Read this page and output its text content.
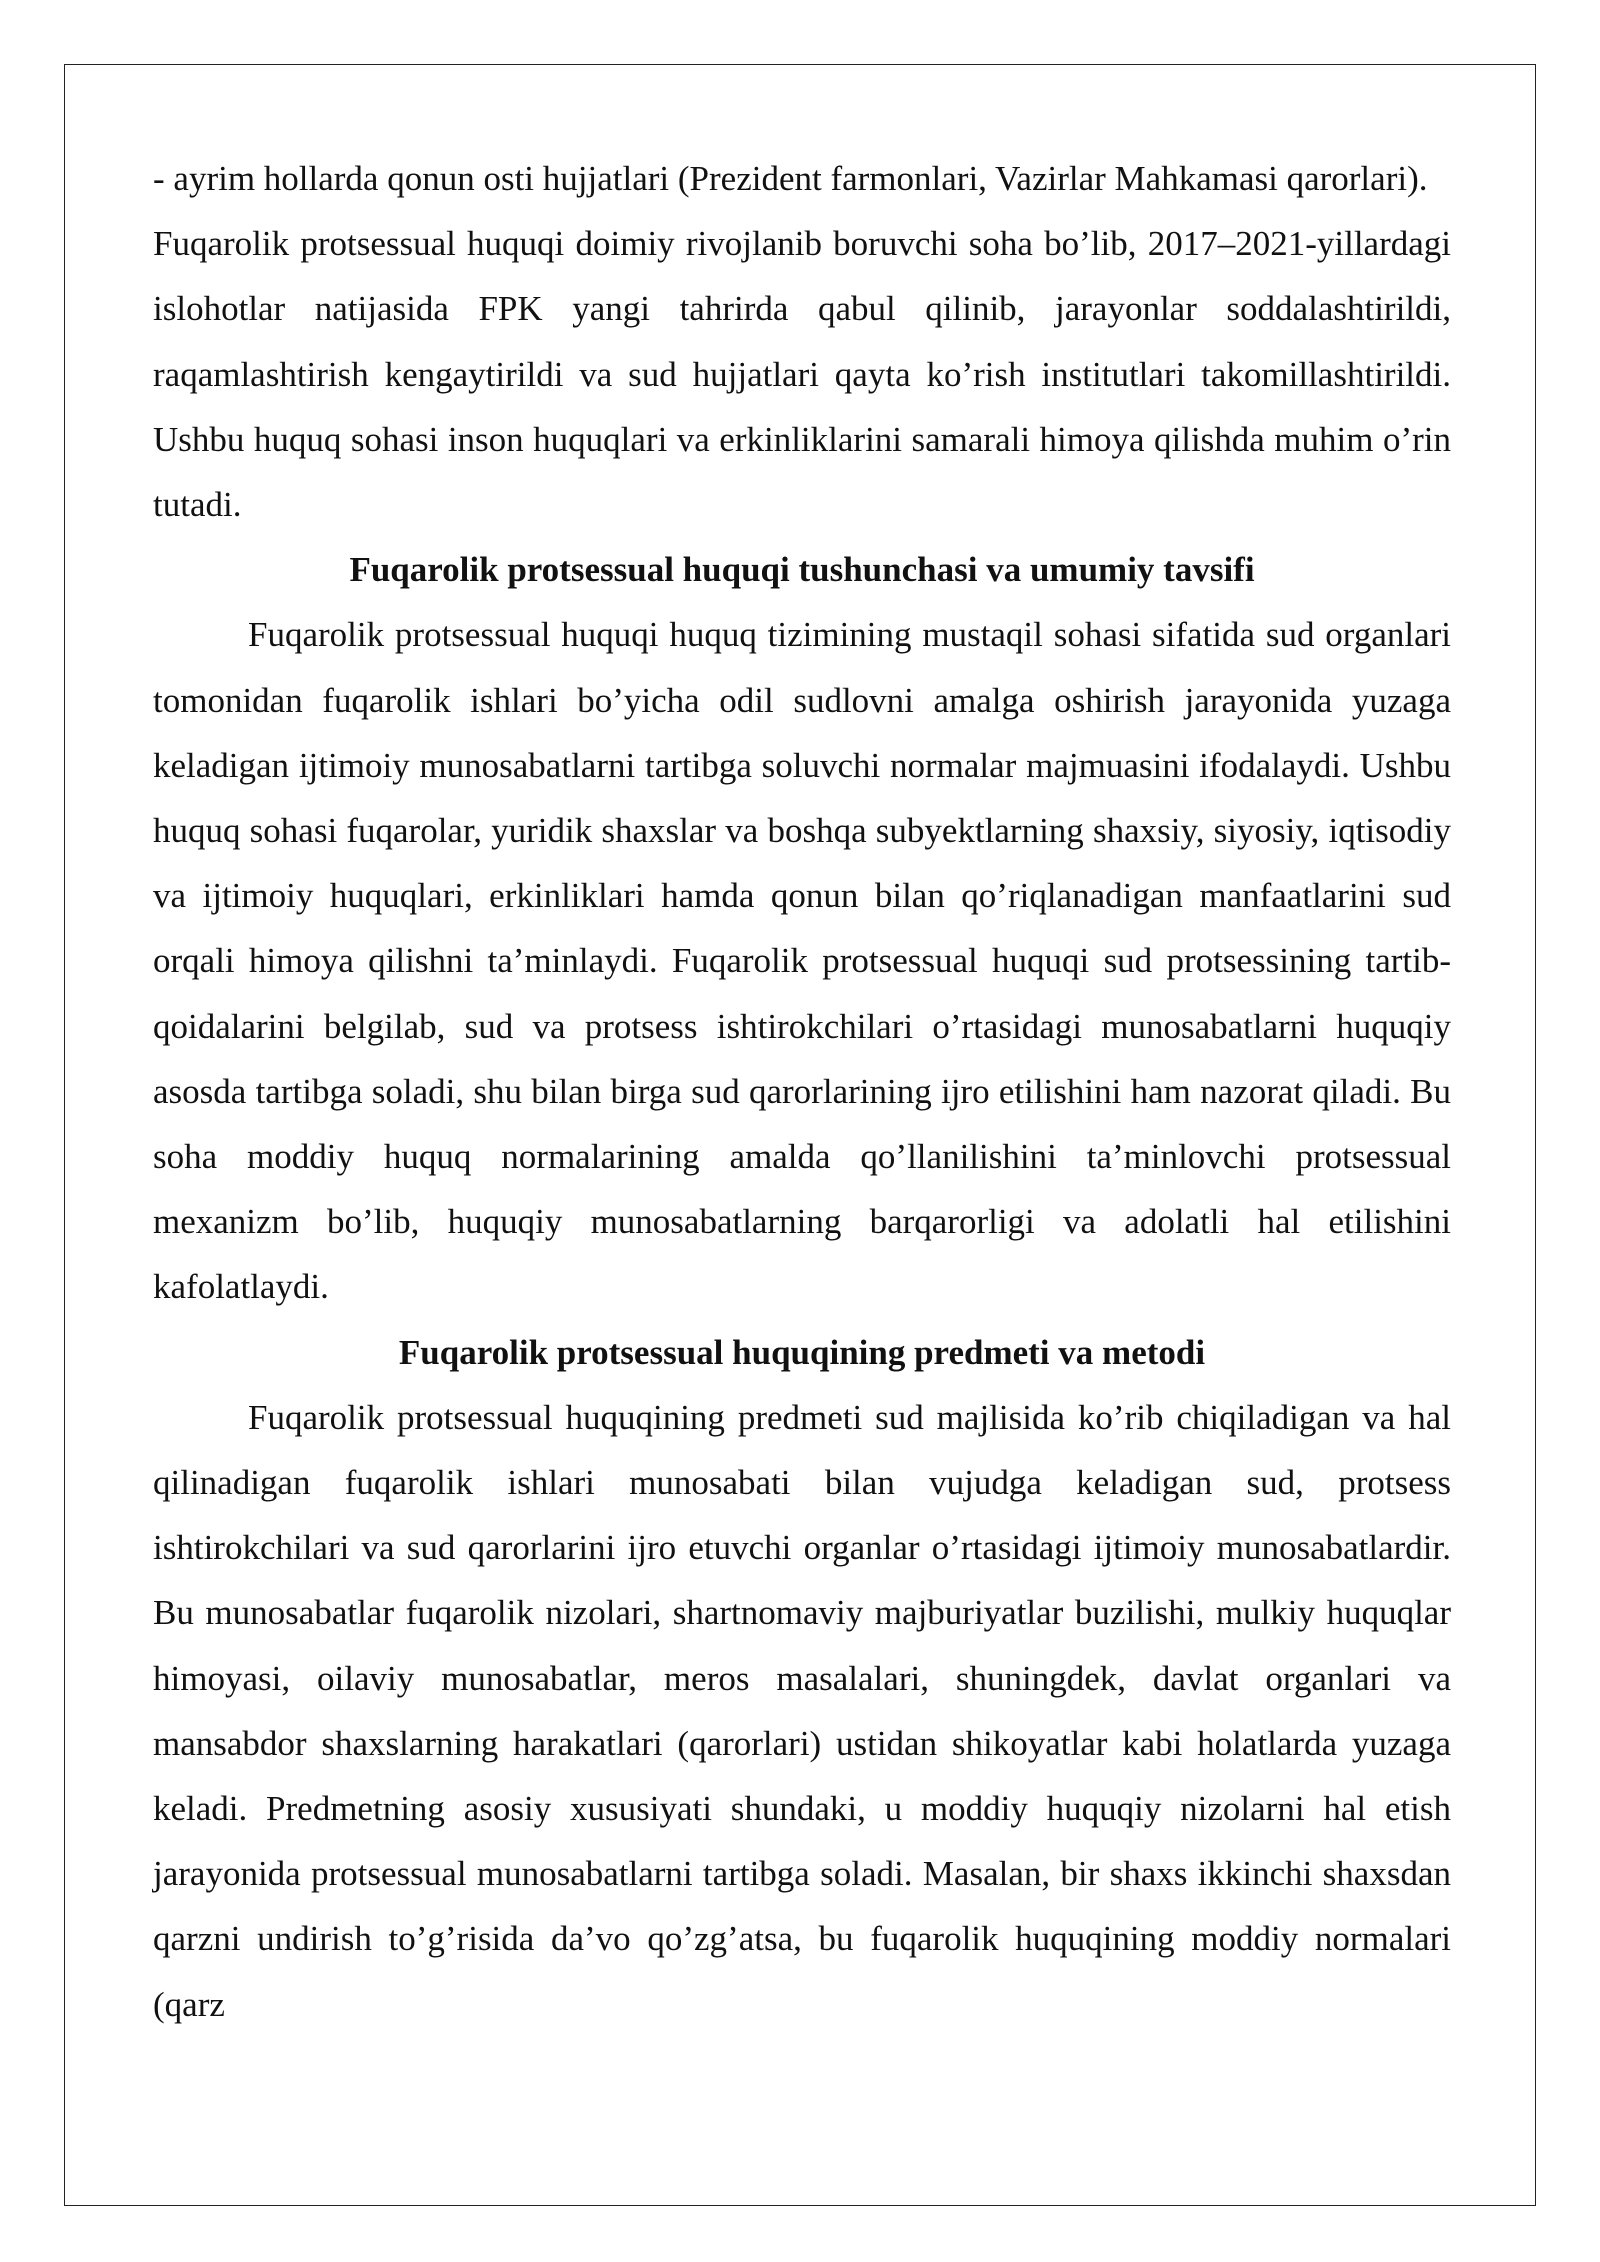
- ayrim hollarda qonun osti hujjatlari (Prezident farmonlari, Vazirlar Mahkamasi qarorlari).

Fuqarolik protsessual huquqi doimiy rivojlanib boruvchi soha bo’lib, 2017–2021-yillardagi islohotlar natijasida FPK yangi tahrirda qabul qilinib, jarayonlar soddalashtirildi, raqamlashtirish kengaytirildi va sud hujjatlari qayta ko’rish institutlari takomillashtirildi. Ushbu huquq sohasi inson huquqlari va erkinliklarini samarali himoya qilishda muhim o’rin tutadi.

Fuqarolik protsessual huquqi tushunchasi va umumiy tavsifi

Fuqarolik protsessual huquqi huquq tizimining mustaqil sohasi sifatida sud organlari tomonidan fuqarolik ishlari bo’yicha odil sudlovni amalga oshirish jarayonida yuzaga keladigan ijtimoiy munosabatlarni tartibga soluvchi normalar majmuasini ifodalaydi. Ushbu huquq sohasi fuqarolar, yuridik shaxslar va boshqa subyektlarning shaxsiy, siyosiy, iqtisodiy va ijtimoiy huquqlari, erkinliklari hamda qonun bilan qo’riqlanadigan manfaatlarini sud orqali himoya qilishni ta’minlaydi. Fuqarolik protsessual huquqi sud protsessining tartib-qoidalarini belgilab, sud va protsess ishtirokchilari o’rtasidagi munosabatlarni huquqiy asosda tartibga soladi, shu bilan birga sud qarorlarining ijro etilishini ham nazorat qiladi. Bu soha moddiy huquq normalarining amalda qo’llanilishini ta’minlovchi protsessual mexanizm bo’lib, huquqiy munosabatlarning barqarorligi va adolatli hal etilishini kafolatlaydi.

Fuqarolik protsessual huquqining predmeti va metodi

Fuqarolik protsessual huquqining predmeti sud majlisida ko’rib chiqiladigan va hal qilinadigan fuqarolik ishlari munosabati bilan vujudga keladigan sud, protsess ishtirokchilari va sud qarorlarini ijro etuvchi organlar o’rtasidagi ijtimoiy munosabatlardir. Bu munosabatlar fuqarolik nizolari, shartnomaviy majburiyatlar buzilishi, mulkiy huquqlar himoyasi, oilaviy munosabatlar, meros masalalari, shuningdek, davlat organlari va mansabdor shaxslarning harakatlari (qarorlari) ustidan shikoyatlar kabi holatlarda yuzaga keladi. Predmetning asosiy xususiyati shundaki, u moddiy huquqiy nizolarni hal etish jarayonida protsessual munosabatlarni tartibga soladi. Masalan, bir shaxs ikkinchi shaxsdan qarzni undirish to’g’risida da’vo qo’zg’atsa, bu fuqarolik huquqining moddiy normalari (qarz
